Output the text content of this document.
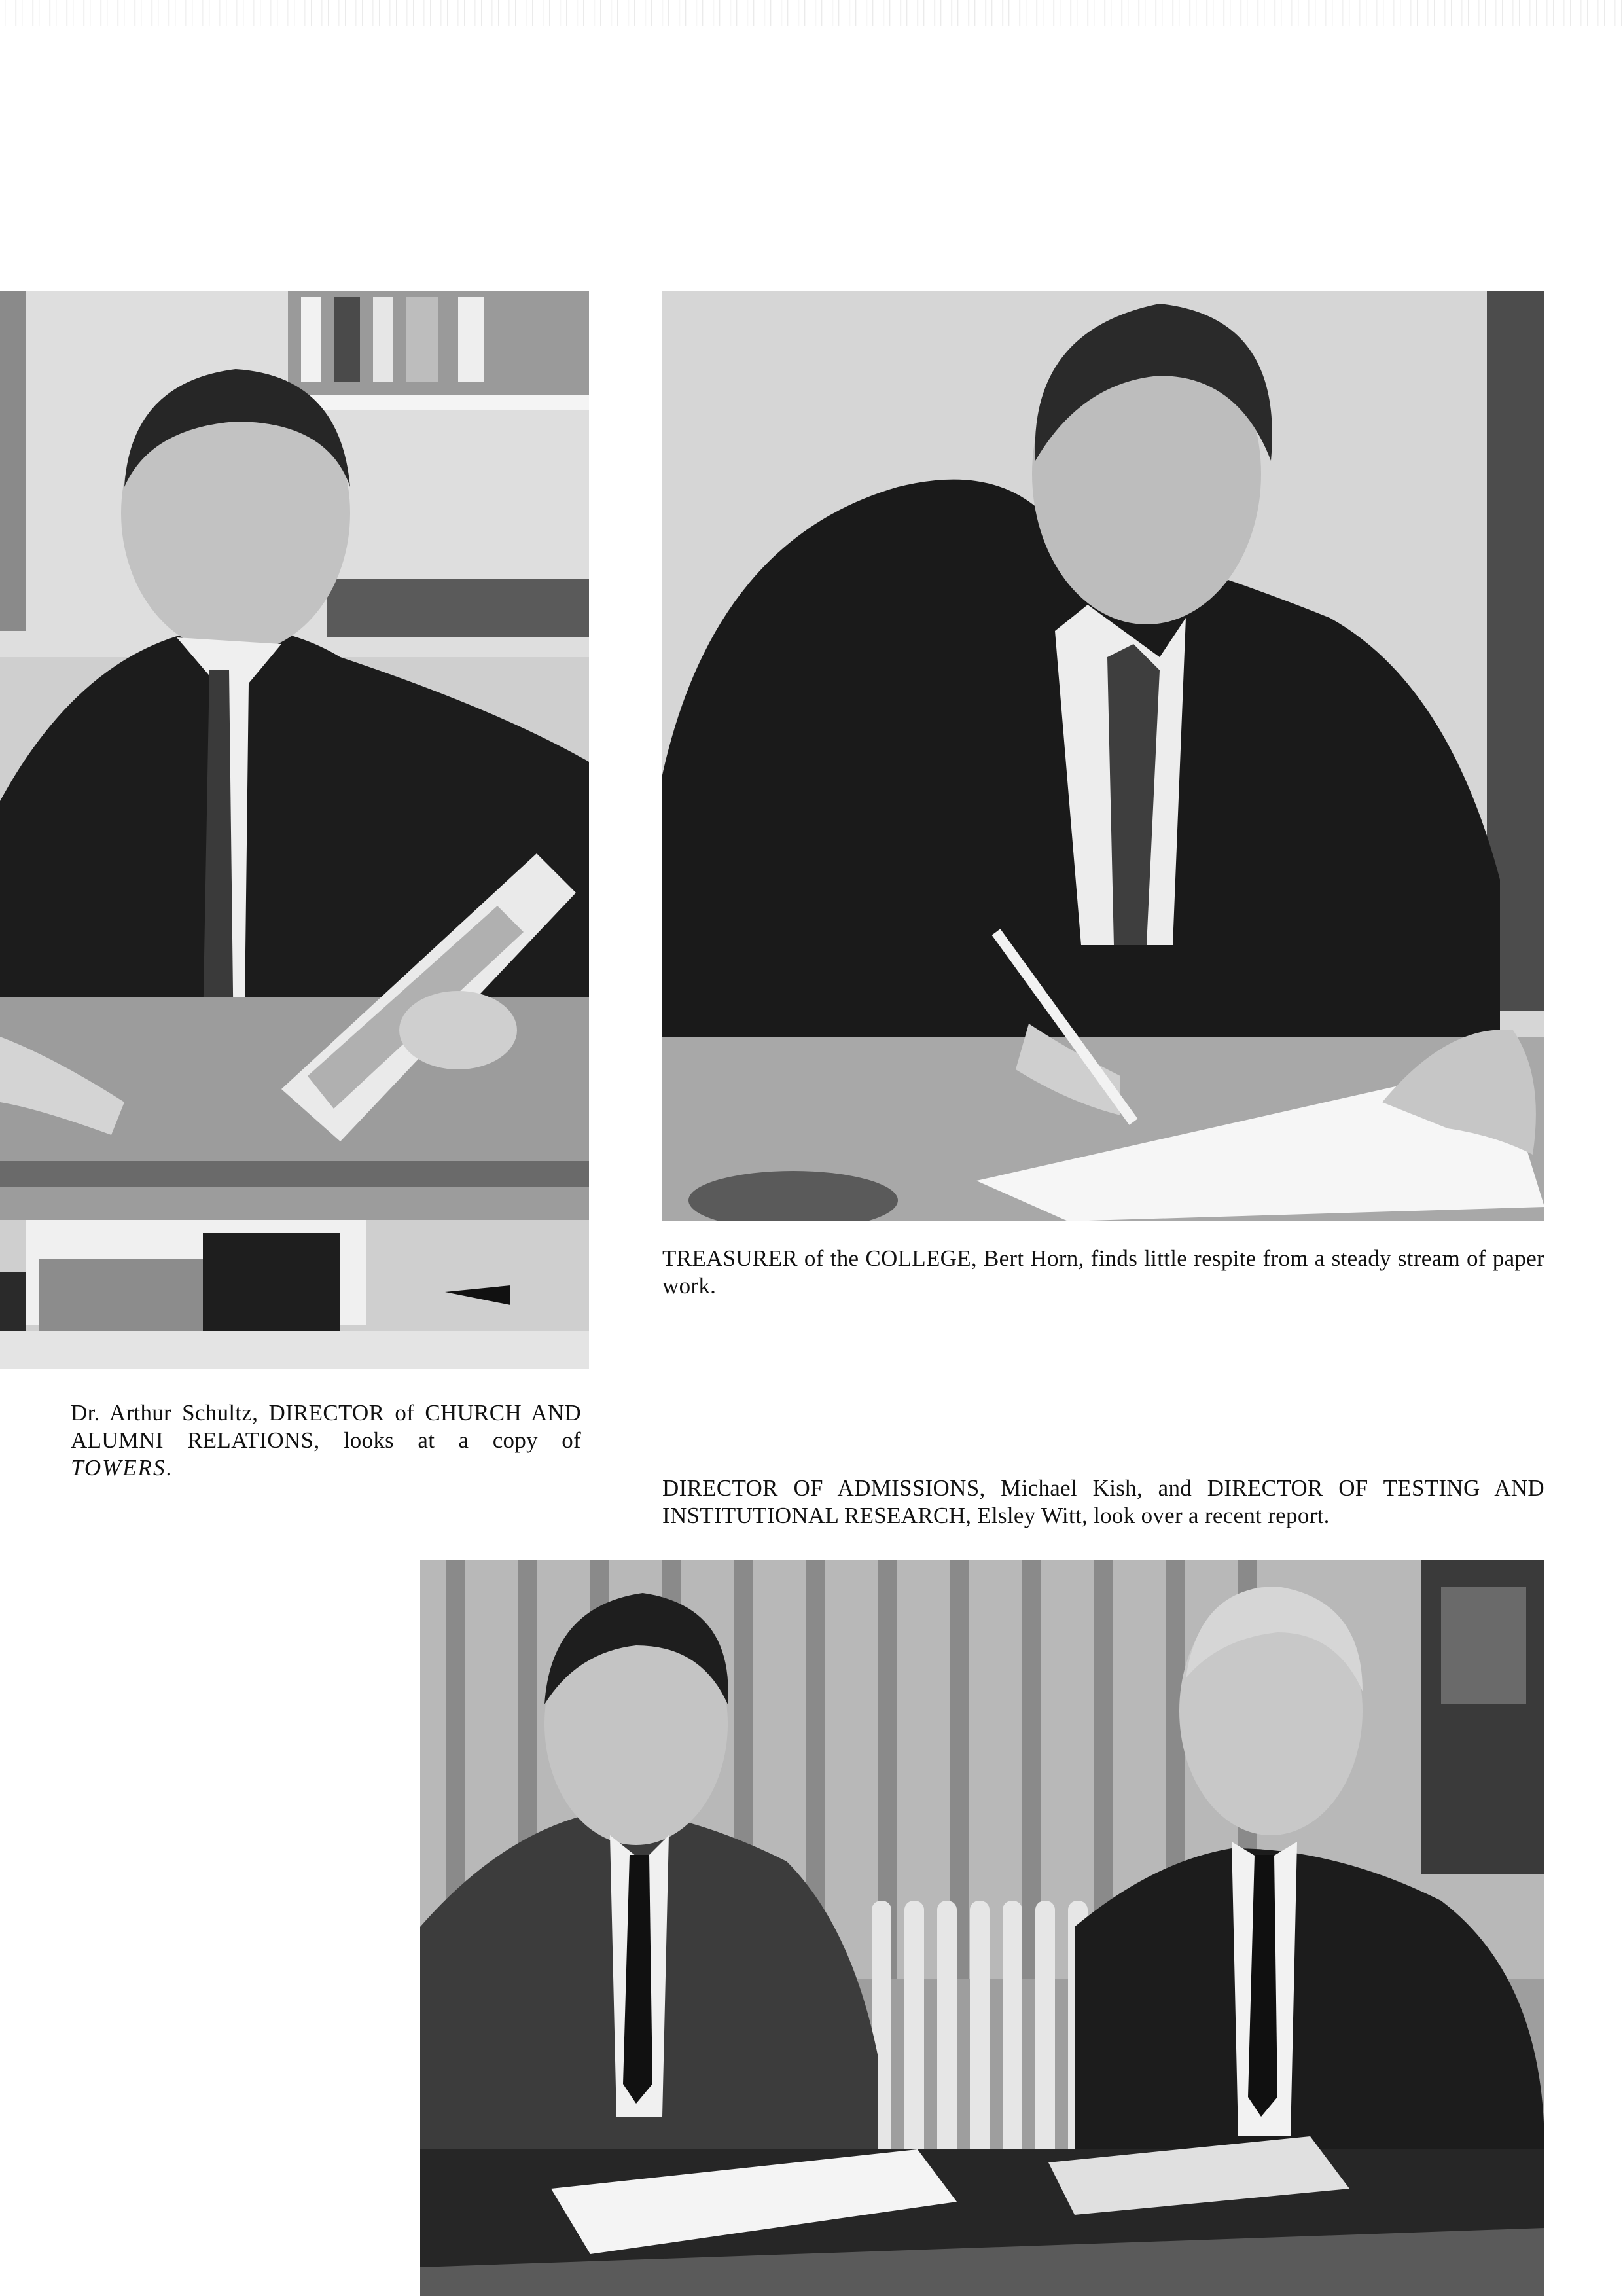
Dr. Arthur Schultz, DIRECTOR of CHURCH AND ALUMNI RELATIONS, looks at a copy of TOWERS.

TREASURER of the COLLEGE, Bert Horn, finds little respite from a steady stream of paper work.

DIRECTOR OF ADMISSIONS, Michael Kish, and DIRECTOR OF TESTING AND INSTITUTIONAL RESEARCH, Elsley Witt, look over a recent report.
